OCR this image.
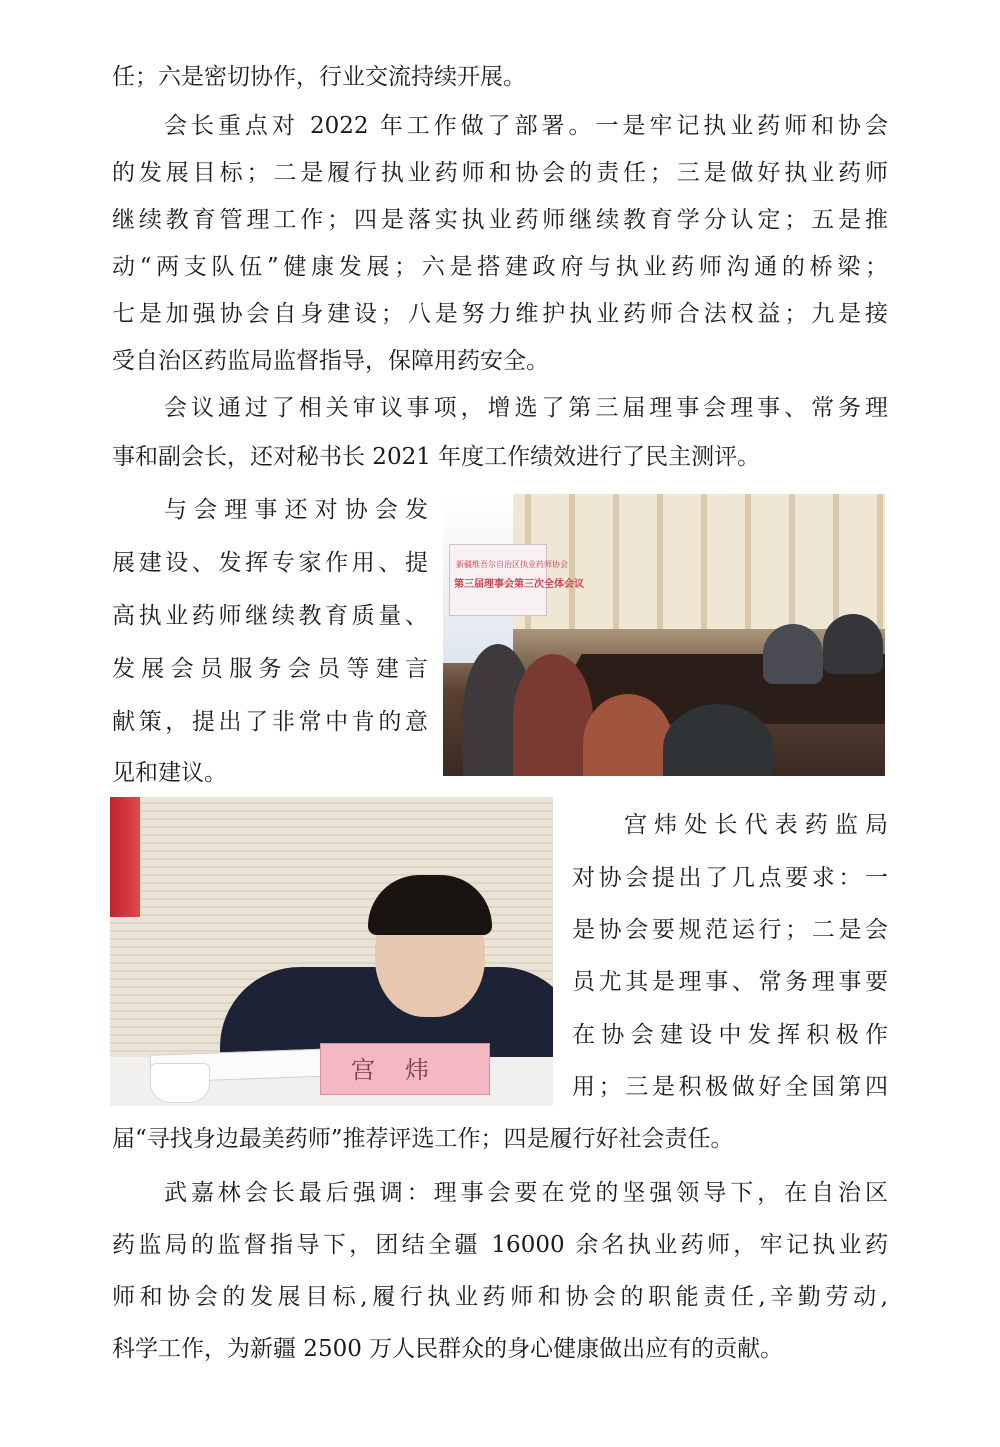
任；六是密切协作，行业交流持续开展。
会长重点对 2022 年工作做了部署。一是牢记执业药师和协会
的发展目标；二是履行执业药师和协会的责任；三是做好执业药师
继续教育管理工作；四是落实执业药师继续教育学分认定；五是推
动“两支队伍”健康发展；六是搭建政府与执业药师沟通的桥梁；
七是加强协会自身建设；八是努力维护执业药师合法权益；九是接
受自治区药监局监督指导，保障用药安全。
会议通过了相关审议事项，增选了第三届理事会理事、常务理
事和副会长，还对秘书长 2021 年度工作绩效进行了民主测评。
与会理事还对协会发
展建设、发挥专家作用、提
高执业药师继续教育质量、
发展会员服务会员等建言
献策，提出了非常中肯的意
见和建议。
新疆维吾尔自治区执业药师协会
第三届理事会第三次全体会议
宫炜
宫炜处长代表药监局
对协会提出了几点要求：一
是协会要规范运行；二是会
员尤其是理事、常务理事要
在协会建设中发挥积极作
用；三是积极做好全国第四
届“寻找身边最美药师”推荐评选工作；四是履行好社会责任。
武嘉林会长最后强调：理事会要在党的坚强领导下，在自治区
药监局的监督指导下，团结全疆 16000 余名执业药师，牢记执业药
师和协会的发展目标,履行执业药师和协会的职能责任,辛勤劳动,
科学工作，为新疆 2500 万人民群众的身心健康做出应有的贡献。
